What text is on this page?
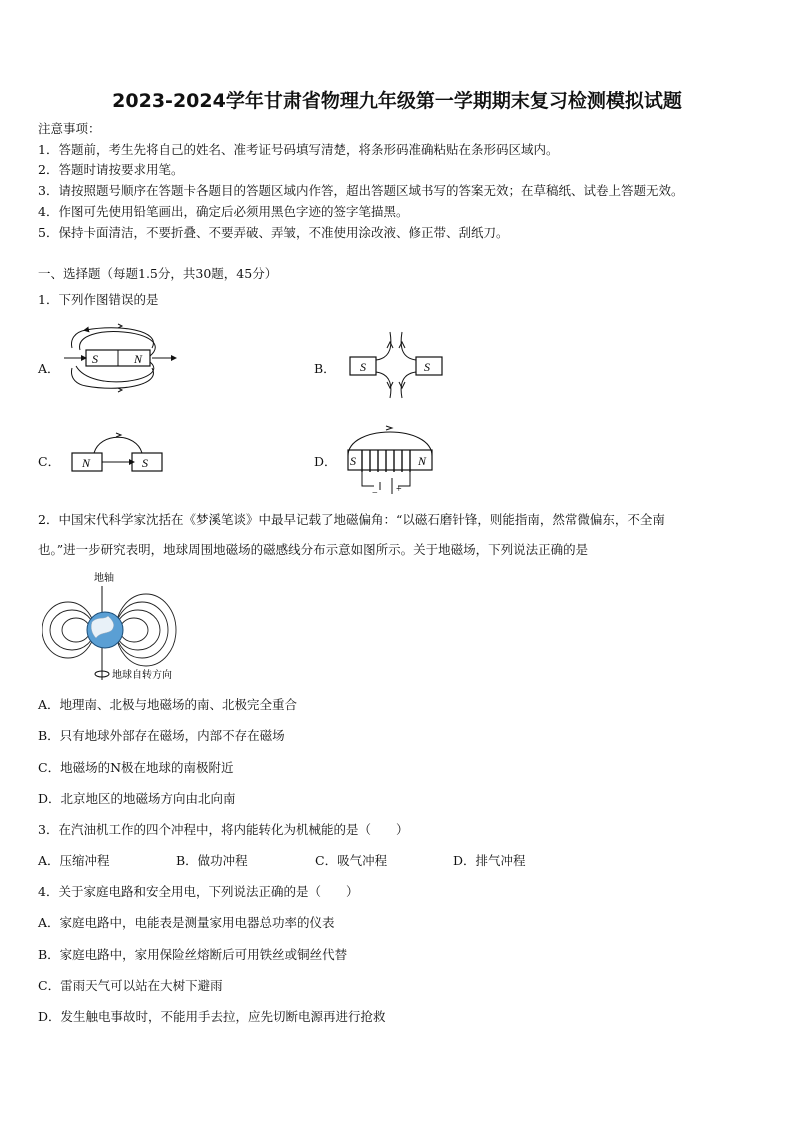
2023-2024学年甘肃省物理九年级第一学期期末复习检测模拟试题
注意事项：
1．答题前，考生先将自己的姓名、准考证号码填写清楚，将条形码准确粘贴在条形码区域内。
2．答题时请按要求用笔。
3．请按照题号顺序在答题卡各题目的答题区域内作答，超出答题区域书写的答案无效；在草稿纸、试卷上答题无效。
4．作图可先使用铅笔画出，确定后必须用黑色字迹的签字笔描黑。
5．保持卡面清洁，不要折叠、不要弄破、弄皱，不准使用涂改液、修正带、刮纸刀。
一、选择题（每题1.5分，共30题，45分）
1．下列作图错误的是
A．
S	N
B． S	S
C． N	S	D． S	N
− +
2．中国宋代科学家沈括在《梦溪笔谈》中最早记载了地磁偏角：“以磁石磨针锋，则能指南，然常微偏东，不全南
也。”进一步研究表明，地球周围地磁场的磁感线分布示意如图所示。关于地磁场，下列说法正确的是
地轴
地球自转方向
A．地理南、北极与地磁场的南、北极完全重合
B．只有地球外部存在磁场，内部不存在磁场
C．地磁场的N极在地球的南极附近
D．北京地区的地磁场方向由北向南
3．在汽油机工作的四个冲程中，将内能转化为机械能的是（　　）
A．压缩冲程	B．做功冲程	C．吸气冲程	D．排气冲程
4．关于家庭电路和安全用电，下列说法正确的是（　　）
A．家庭电路中，电能表是测量家用电器总功率的仪表
B．家庭电路中，家用保险丝熔断后可用铁丝或铜丝代替
C．雷雨天气可以站在大树下避雨
D．发生触电事故时，不能用手去拉，应先切断电源再进行抢救
